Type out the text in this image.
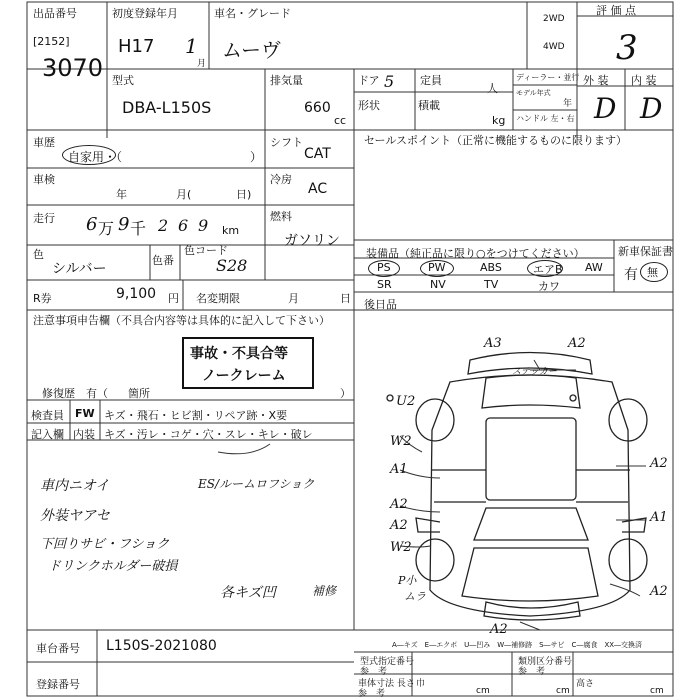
出品番号
[2152]
3070
初度登録年月
H17 1
月
車名・グレード
ムーヴ
2WD
4WD
評 価 点
3
型式
DBA-L150S
排気量
660
cc
ドア 5 定員
人
形状	積載
kg
ディーラー・並行
モデル年式
年
ハンドル 左・右
外 装 内 装
D D
車歴
自家用・（	）
シフト
CAT
車検
年	月(	日)
冷房
AC
走行 6 万 9 千 2 6 9 km
燃料
ガソリン
色
シルバー
色番
色コード
S28
R券	9,100 円 名変期限	月	日
セールスポイント（正常に機能するものに限ります）
装備品（純正品に限り○をつけてください）
PS	PW	ABS	エアB AW
SR	NV	TV	カワ
新車保証書
有 無
後日品
注意事項申告欄（不具合内容等は具体的に記入して下さい）
事故・不具合等
ノークレーム
修復歴　有（ 箇所	）
検査員
記入欄
FW キズ・飛石・ヒビ割・リペア跡・X要
内装 キズ・汚レ・コゲ・穴・スレ・キレ・破レ
車内ニオイ	ES/ルームロフショク
外装ヤアセ
下回りサビ・フショク
ドリンクホルダー破損
各キズ凹	補修
A3	A2
ステッカー
U2
W2
A1	A2
A2
A1
W2
A2
A2
A2
P小
ムラ
A―キズ　E―エクボ　U―凹み　W―補修跡　S―サビ　C―腐食　XX―交換済
車台番号 L150S-2021080
登録番号
型式指定番号	類別区分番号
参　考	参　考
車体寸法 長さ
参　考	cm
巾
cm
高さ
cm
